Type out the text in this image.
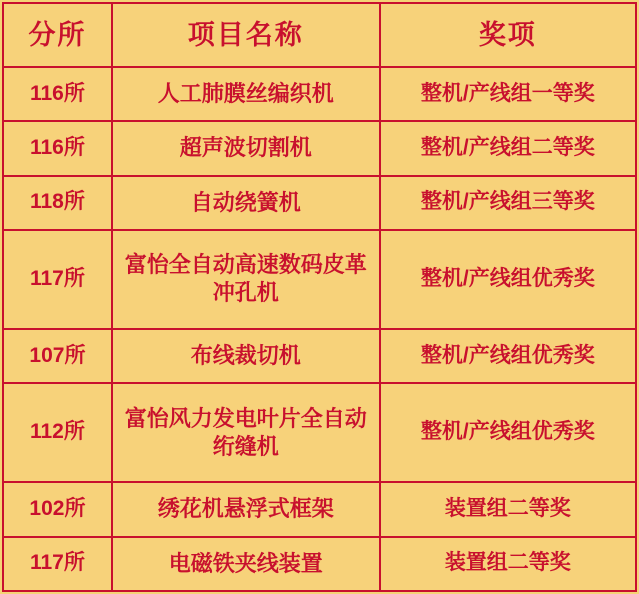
分所	项目名称	奖项
116所	人工肺膜丝编织机	整机/产线组一等奖
116所	超声波切割机	整机/产线组二等奖
118所	自动绕簧机	整机/产线组三等奖
117所	富怡全自动高速数码皮革冲孔机	整机/产线组优秀奖
107所	布线裁切机	整机/产线组优秀奖
112所	富怡风力发电叶片全自动绗缝机	整机/产线组优秀奖
102所	绣花机悬浮式框架	装置组二等奖
117所	电磁铁夹线装置	装置组二等奖
